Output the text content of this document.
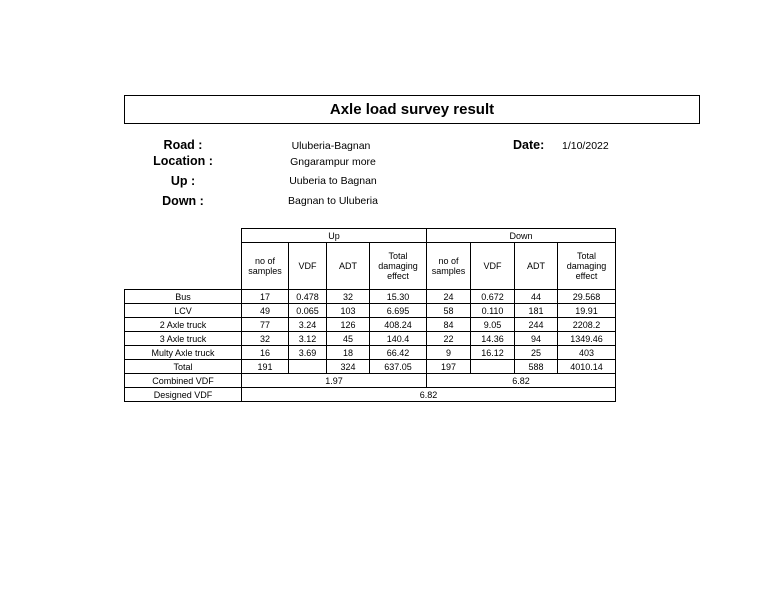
Axle load survey result
Road :	Uluberia-Bagnan
Location :	Gngarampur more
Up :	Uuberia to Bagnan
Down :	Bagnan to Uluberia
Date: 1/10/2022
	Up				Down			
	no of samples	VDF	ADT	Total damaging effect	no of samples	VDF	ADT	Total damaging effect
Bus	17	0.478	32	15.30	24	0.672	44	29.568
LCV	49	0.065	103	6.695	58	0.110	181	19.91
2 Axle truck	77	3.24	126	408.24	84	9.05	244	2208.2
3 Axle truck	32	3.12	45	140.4	22	14.36	94	1349.46
Multy Axle truck	16	3.69	18	66.42	9	16.12	25	403
Total	191		324	637.05	197		588	4010.14
Combined VDF	1.97				6.82			
Designed VDF	6.82							
